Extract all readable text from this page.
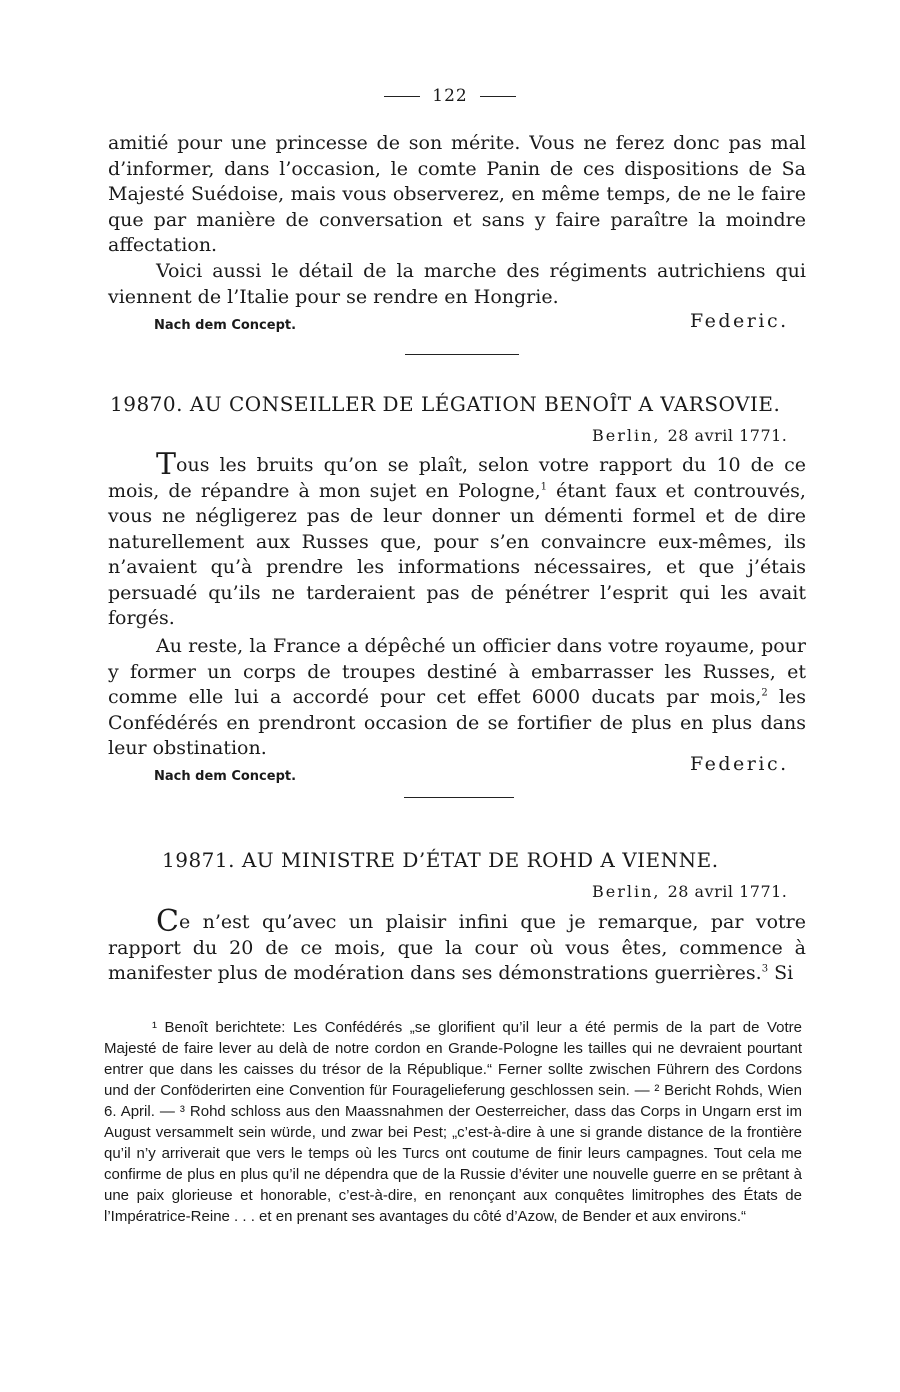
122

amitié pour une princesse de son mérite. Vous ne ferez donc pas mal d’informer, dans l’occasion, le comte Panin de ces dispositions de Sa Majesté Suédoise, mais vous observerez, en même temps, de ne le faire que par manière de conversation et sans y faire paraître la moindre affectation.

Voici aussi le détail de la marche des régiments autrichiens qui viennent de l’Italie pour se rendre en Hongrie.

Nach dem Concept.	Federic.
19870. AU CONSEILLER DE LÉGATION BENOÎT A VARSOVIE.
Berlin, 28 avril 1771.

Tous les bruits qu’on se plaît, selon votre rapport du 10 de ce mois, de répandre à mon sujet en Pologne,$^1$ étant faux et controuvés, vous ne négligerez pas de leur donner un démenti formel et de dire naturellement aux Russes que, pour s’en convaincre eux-mêmes, ils n’avaient qu’à prendre les informations nécessaires, et que j’étais persuadé qu’ils ne tarderaient pas de pénétrer l’esprit qui les avait forgés.

Au reste, la France a dépêché un officier dans votre royaume, pour y former un corps de troupes destiné à embarrasser les Russes, et comme elle lui a accordé pour cet effet 6000 ducats par mois,$^2$ les Confédérés en prendront occasion de se fortifier de plus en plus dans leur obstination.

Nach dem Concept.
Federic.
19871. AU MINISTRE D’ÉTAT DE ROHD A VIENNE.
Berlin, 28 avril 1771.

Ce n’est qu’avec un plaisir infini que je remarque, par votre rapport du 20 de ce mois, que la cour où vous êtes, commence à manifester plus de modération dans ses démonstrations guerrières.$^3$ Si

¹ Benoît berichtete: Les Confédérés „se glorifient qu’il leur a été permis de la part de Votre Majesté de faire lever au delà de notre cordon en Grande-Pologne les tailles qui ne devraient pourtant entrer que dans les caisses du trésor de la République.“ Ferner sollte zwischen Führern des Cordons und der Conföderirten eine Convention für Fouragelieferung geschlossen sein. — ² Bericht Rohds, Wien 6. April. — ³ Rohd schloss aus den Maassnahmen der Oesterreicher, dass das Corps in Ungarn erst im August versammelt sein würde, und zwar bei Pest; „c’est-à-dire à une si grande distance de la frontière qu’il n’y arriverait que vers le temps où les Turcs ont coutume de finir leurs campagnes. Tout cela me confirme de plus en plus qu’il ne dépendra que de la Russie d’éviter une nouvelle guerre en se prêtant à une paix glorieuse et honorable, c’est-à-dire, en renonçant aux conquêtes limitrophes des États de l’Impératrice-Reine . . . et en prenant ses avantages du côté d’Azow, de Bender et aux environs.“
